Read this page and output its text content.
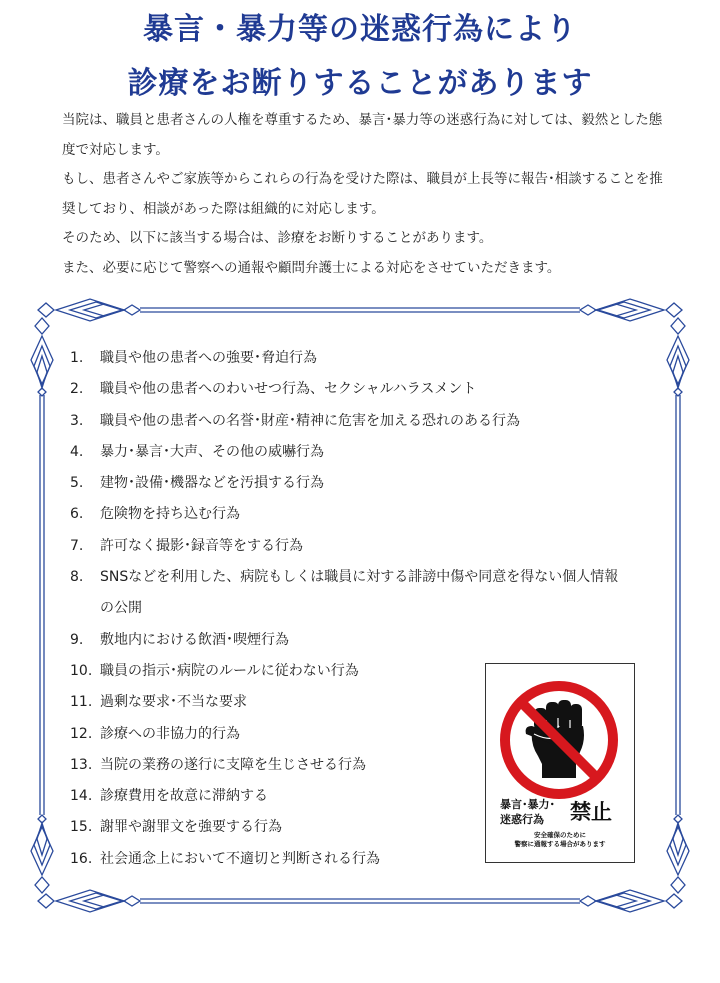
暴言・暴力等の迷惑行為により
診療をお断りすることがあります

当院は、職員と患者さんの人権を尊重するため、暴言･暴力等の迷惑行為に対しては、毅然とした態度で対応します。

もし、患者さんやご家族等からこれらの行為を受けた際は、職員が上長等に報告･相談することを推奨しており、相談があった際は組織的に対応します。

そのため、以下に該当する場合は、診療をお断りすることがあります。

また、必要に応じて警察への通報や顧問弁護士による対応をさせていただきます。

1.	職員や他の患者への強要･脅迫行為
2.	職員や他の患者へのわいせつ行為、セクシャルハラスメント
3.	職員や他の患者への名誉･財産･精神に危害を加える恐れのある行為
4.	暴力･暴言･大声、その他の威嚇行為
5.	建物･設備･機器などを汚損する行為
6.	危険物を持ち込む行為
7.	許可なく撮影･録音等をする行為
8.	SNSなどを利用した、病院もしくは職員に対する誹謗中傷や同意を得ない個人情報の公開
9.	敷地内における飲酒･喫煙行為
10. 職員の指示･病院のルールに従わない行為
11. 過剰な要求･不当な要求
12. 診療への非協力的行為
13. 当院の業務の遂行に支障を生じさせる行為
14. 診療費用を故意に滞納する
15. 謝罪や謝罪文を強要する行為
16. 社会通念上において不適切と判断される行為
暴言･暴力･
迷惑行為	禁止
安全確保のために
警察に通報する場合があります
